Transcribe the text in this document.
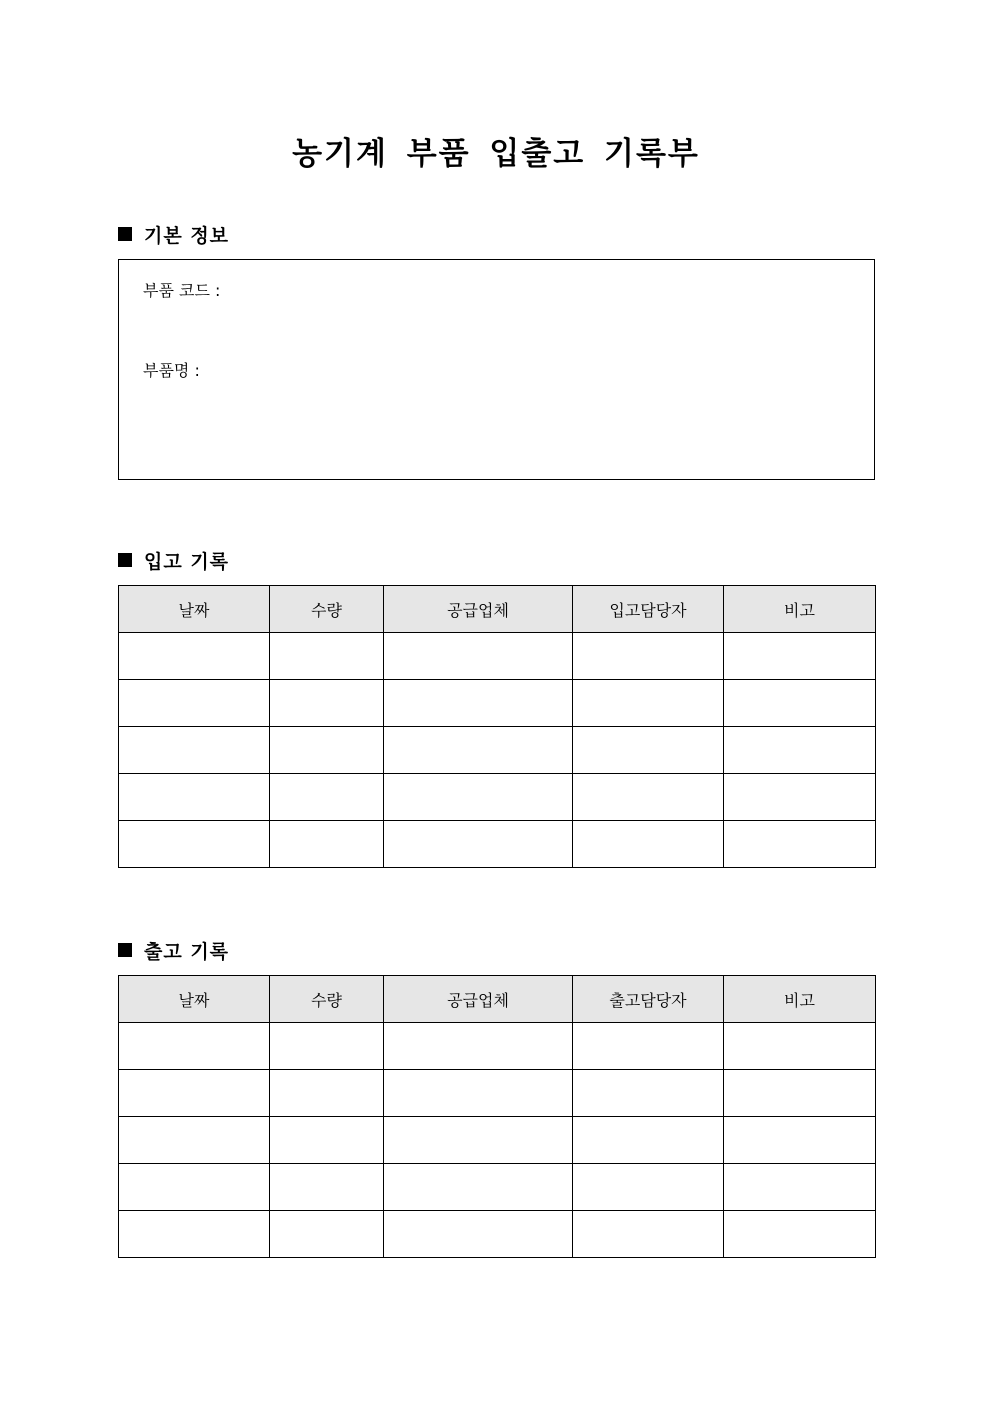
농기계 부품 입출고 기록부
기본 정보
부품 코드 :
부품명 :
입고 기록
날짜	수량	공급업체	입고담당자	비고

출고 기록
날짜	수량	공급업체	출고담당자	비고
